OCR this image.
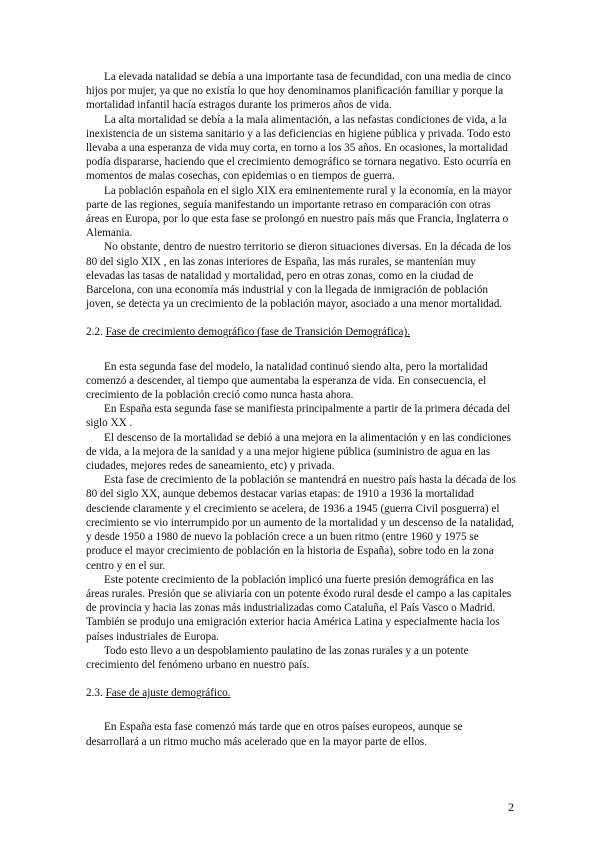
La elevada natalidad se debía a una importante tasa de fecundidad, con una media de cinco hijos por mujer, ya que no existía lo que hoy denominamos planificación familiar y porque la mortalidad infantil hacía estragos durante los primeros años de vida.

La alta mortalidad se debía a la mala alimentación, a las nefastas condiciones de vida, a la inexistencia de un sistema sanitario y a las deficiencias en higiene pública y privada. Todo esto llevaba a una esperanza de vida muy corta, en torno a los 35 años. En ocasiones, la mortalidad podía dispararse, haciendo que el crecimiento demográfico se tornara negativo. Esto ocurría en momentos de malas cosechas, con epidemias o en tiempos de guerra.

La población española en el siglo XIX era eminentemente rural y la economía, en la mayor parte de las regiones, seguía manifestando un importante retraso en comparación con otras áreas en Europa, por lo que esta fase se prolongó en nuestro país más que Francia, Inglaterra o Alemania.

No obstante, dentro de nuestro territorio se dieron situaciones diversas. En la década de los 80 del siglo XIX , en las zonas interiores de España, las más rurales, se mantenían muy elevadas las tasas de natalidad y mortalidad, pero en otras zonas, como en la ciudad de Barcelona, con una economía más industrial y con la llegada de inmigración de población joven, se detecta ya un crecimiento de la población mayor, asociado a una menor mortalidad.

2.2. Fase de crecimiento demográfico (fase de Transición Demográfica).

En esta segunda fase del modelo, la natalidad continuó siendo alta, pero la mortalidad comenzó a descender, al tiempo que aumentaba la esperanza de vida. En consecuencia, el crecimiento de la población creció como nunca hasta ahora.

En España esta segunda fase se manifiesta principalmente a partir de la primera década del siglo XX .

El descenso de la mortalidad se debió a una mejora en la alimentación y en las condiciones de vida, a la mejora de la sanidad y a una mejor higiene pública (suministro de agua en las ciudades, mejores redes de saneamiento, etc) y privada.

Esta fase de crecimiento de la población se mantendrá en nuestro país hasta la década de los 80 del siglo XX, aunque debemos destacar varias etapas: de 1910 a 1936 la mortalidad desciende claramente y el crecimiento se acelera, de 1936 a 1945 (guerra Civil posguerra) el crecimiento se vio interrumpido por un aumento de la mortalidad y un descenso de la natalidad, y desde 1950 a 1980 de nuevo la población crece a un buen ritmo (entre 1960 y 1975 se produce el mayor crecimiento de población en la historia de España), sobre todo en la zona centro y en el sur.

Este potente crecimiento de la población implicó una fuerte presión demográfica en las áreas rurales. Presión que se aliviaría con un potente éxodo rural desde el campo a las capitales de provincia y hacia las zonas más industrializadas como Cataluña, el País Vasco o Madrid. También se produjo una emigración exterior hacia América Latina y especialmente hacia los países industriales de Europa.

Todo esto llevo a un despoblamiento paulatino de las zonas rurales y a un potente crecimiento del fenómeno urbano en nuestro país.

2.3. Fase de ajuste demográfico.

En España esta fase comenzó más tarde que en otros países europeos, aunque se desarrollará a un ritmo mucho más acelerado que en la mayor parte de ellos.

2
